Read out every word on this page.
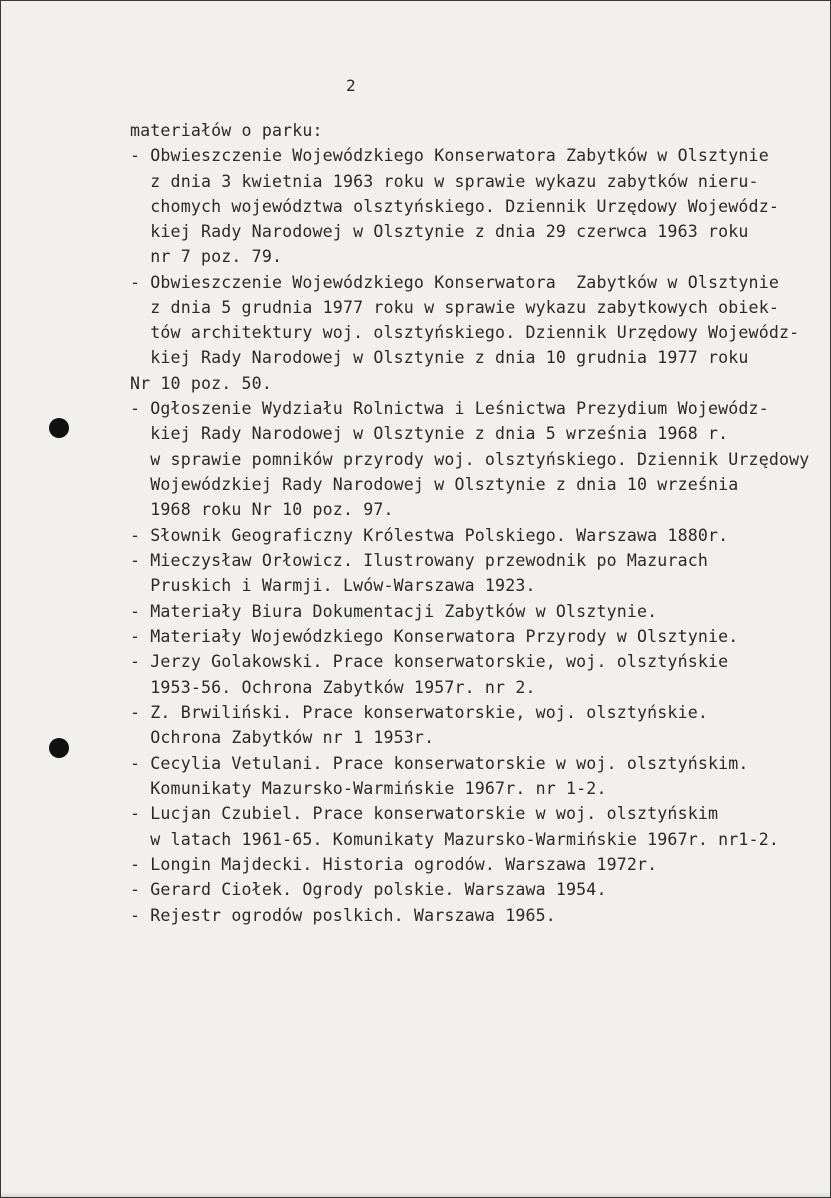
2
materiałów o parku:
- Obwieszczenie Wojewódzkiego Konserwatora Zabytków w Olsztynie
z dnia 3 kwietnia 1963 roku w sprawie wykazu zabytków nieru-
chomych województwa olsztyńskiego. Dziennik Urzędowy Wojewódz-
kiej Rady Narodowej w Olsztynie z dnia 29 czerwca 1963 roku
nr 7 poz. 79.
- Obwieszczenie Wojewódzkiego Konserwatora  Zabytków w Olsztynie
z dnia 5 grudnia 1977 roku w sprawie wykazu zabytkowych obiek-
tów architektury woj. olsztyńskiego. Dziennik Urzędowy Wojewódz-
kiej Rady Narodowej w Olsztynie z dnia 10 grudnia 1977 roku
Nr 10 poz. 50.
- Ogłoszenie Wydziału Rolnictwa i Leśnictwa Prezydium Wojewódz-
kiej Rady Narodowej w Olsztynie z dnia 5 września 1968 r.
w sprawie pomników przyrody woj. olsztyńskiego. Dziennik Urzędowy
Wojewódzkiej Rady Narodowej w Olsztynie z dnia 10 września
1968 roku Nr 10 poz. 97.
- Słownik Geograficzny Królestwa Polskiego. Warszawa 1880r.
- Mieczysław Orłowicz. Ilustrowany przewodnik po Mazurach
Pruskich i Warmji. Lwów-Warszawa 1923.
- Materiały Biura Dokumentacji Zabytków w Olsztynie.
- Materiały Wojewódzkiego Konserwatora Przyrody w Olsztynie.
- Jerzy Golakowski. Prace konserwatorskie, woj. olsztyńskie
1953-56. Ochrona Zabytków 1957r. nr 2.
- Z. Brwiliński. Prace konserwatorskie, woj. olsztyńskie.
Ochrona Zabytków nr 1 1953r.
- Cecylia Vetulani. Prace konserwatorskie w woj. olsztyńskim.
Komunikaty Mazursko-Warmińskie 1967r. nr 1-2.
- Lucjan Czubiel. Prace konserwatorskie w woj. olsztyńskim
w latach 1961-65. Komunikaty Mazursko-Warmińskie 1967r. nr1-2.
- Longin Majdecki. Historia ogrodów. Warszawa 1972r.
- Gerard Ciołek. Ogrody polskie. Warszawa 1954.
- Rejestr ogrodów poslkich. Warszawa 1965.
